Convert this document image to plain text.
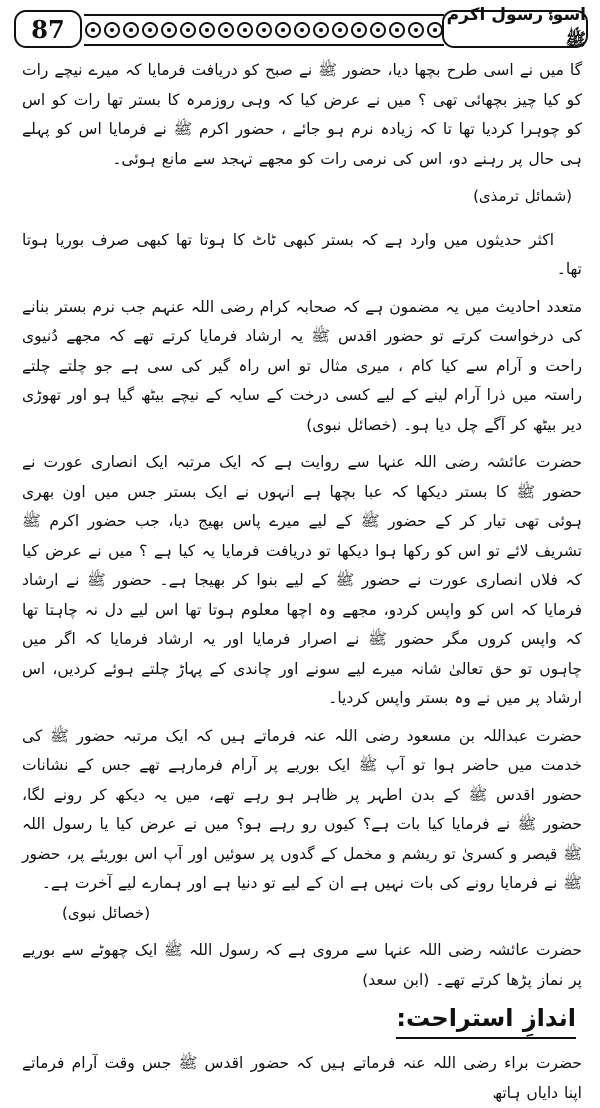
87	اسوۂ رسول اکرم ﷺ

گا میں نے اسی طرح بچھا دیا، حضور ﷺ نے صبح کو دریافت فرمایا کہ میرے نیچے رات کو کیا چیز بچھائی تھی ؟ میں نے عرض کیا کہ وہی روزمرہ کا بستر تھا رات کو اس کو چوہرا کردیا تھا تا کہ زیادہ نرم ہو جائے ، حضور اکرم ﷺ نے فرمایا اس کو پہلے ہی حال پر رہنے دو، اس کی نرمی رات کو مجھے تہجد سے مانع ہوئی۔

(شمائل ترمذی)

اکثر حدیثوں میں وارد ہے کہ بستر کبھی ٹاٹ کا ہوتا تھا کبھی صرف بوریا ہوتا تھا۔

متعدد احادیث میں یہ مضمون ہے کہ صحابہ کرام رضی اللہ عنہم جب نرم بستر بنانے کی درخواست کرتے تو حضور اقدس ﷺ یہ ارشاد فرمایا کرتے تھے کہ مجھے دُنیوی راحت و آرام سے کیا کام ، میری مثال تو اس راہ گیر کی سی ہے جو چلتے چلتے راستہ میں ذرا آرام لینے کے لیے کسی درخت کے سایہ کے نیچے بیٹھ گیا ہو اور تھوڑی دیر بیٹھ کر آگے چل دیا ہو۔ (خصائل نبوی)

حضرت عائشہ رضی اللہ عنہا سے روایت ہے کہ ایک مرتبہ ایک انصاری عورت نے حضور ﷺ کا بستر دیکھا کہ عبا بچھا ہے انہوں نے ایک بستر جس میں اون بھری ہوئی تھی تیار کر کے حضور ﷺ کے لیے میرے پاس بھیج دیا، جب حضور اکرم ﷺ تشریف لائے تو اس کو رکھا ہوا دیکھا تو دریافت فرمایا یہ کیا ہے ؟ میں نے عرض کیا کہ فلاں انصاری عورت نے حضور ﷺ کے لیے بنوا کر بھیجا ہے۔ حضور ﷺ نے ارشاد فرمایا کہ اس کو واپس کردو، مجھے وہ اچھا معلوم ہوتا تھا اس لیے دل نہ چاہتا تھا کہ واپس کروں مگر حضور ﷺ نے اصرار فرمایا اور یہ ارشاد فرمایا کہ اگر میں چاہوں تو حق تعالیٰ شانہ میرے لیے سونے اور چاندی کے پہاڑ چلتے ہوئے کردیں، اس ارشاد پر میں نے وہ بستر واپس کردیا۔

حضرت عبداللہ بن مسعود رضی اللہ عنہ فرماتے ہیں کہ ایک مرتبہ حضور ﷺ کی خدمت میں حاضر ہوا تو آپ ﷺ ایک بوریے پر آرام فرمارہے تھے جس کے نشانات حضور اقدس ﷺ کے بدن اطہر پر ظاہر ہو رہے تھے، میں یہ دیکھ کر رونے لگا، حضور ﷺ نے فرمایا کیا بات ہے؟ کیوں رو رہے ہو؟ میں نے عرض کیا یا رسول اللہ ﷺ قیصر و کسریٰ تو ریشم و مخمل کے گدوں پر سوئیں اور آپ اس بوریئے پر، حضور ﷺ نے فرمایا رونے کی بات نہیں ہے ان کے لیے تو دنیا ہے اور ہمارے لیے آخرت ہے۔

(خصائل نبوی)

حضرت عائشہ رضی اللہ عنہا سے مروی ہے کہ رسول اللہ ﷺ ایک چھوٹے سے بوریے پر نماز پڑھا کرتے تھے۔ (ابن سعد)

اندازِ استراحت:

حضرت براء رضی اللہ عنہ فرماتے ہیں کہ حضور اقدس ﷺ جس وقت آرام فرماتے اپنا دایاں ہاتھ
